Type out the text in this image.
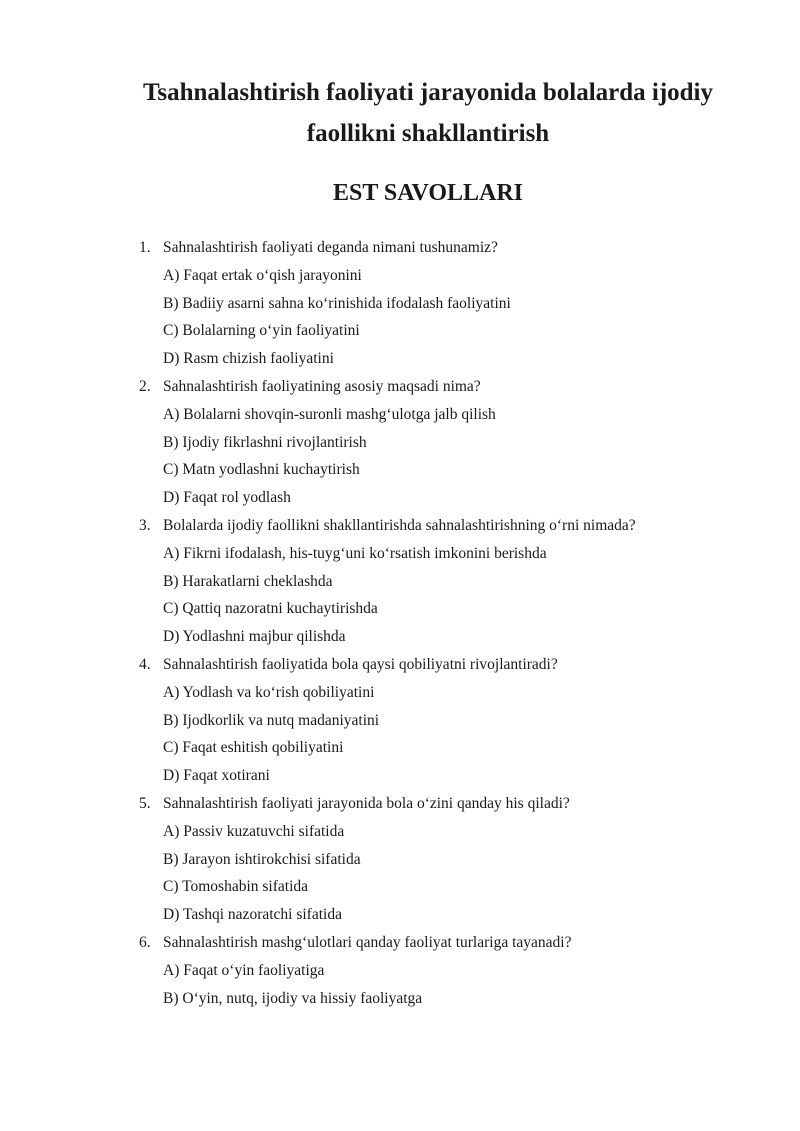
Tsahnalashtirish faoliyati jarayonida bolalarda ijodiy faollikni shakllantirish
EST SAVOLLARI
1. Sahnalashtirish faoliyati deganda nimani tushunamiz?
A) Faqat ertak o‘qish jarayonini
B) Badiiy asarni sahna ko‘rinishida ifodalash faoliyatini
C) Bolalarning o‘yin faoliyatini
D) Rasm chizish faoliyatini
2. Sahnalashtirish faoliyatining asosiy maqsadi nima?
A) Bolalarni shovqin-suronli mashg‘ulotga jalb qilish
B) Ijodiy fikrlashni rivojlantirish
C) Matn yodlashni kuchaytirish
D) Faqat rol yodlash
3. Bolalarda ijodiy faollikni shakllantirishda sahnalashtirishning o‘rni nimada?
A) Fikrni ifodalash, his-tuyg‘uni ko‘rsatish imkonini berishda
B) Harakatlarni cheklashda
C) Qattiq nazoratni kuchaytirishda
D) Yodlashni majbur qilishda
4. Sahnalashtirish faoliyatida bola qaysi qobiliyatni rivojlantiradi?
A) Yodlash va ko‘rish qobiliyatini
B) Ijodkorlik va nutq madaniyatini
C) Faqat eshitish qobiliyatini
D) Faqat xotirani
5. Sahnalashtirish faoliyati jarayonida bola o‘zini qanday his qiladi?
A) Passiv kuzatuvchi sifatida
B) Jarayon ishtirokchisi sifatida
C) Tomoshabin sifatida
D) Tashqi nazoratchi sifatida
6. Sahnalashtirish mashg‘ulotlari qanday faoliyat turlariga tayanadi?
A) Faqat o‘yin faoliyatiga
B) O‘yin, nutq, ijodiy va hissiy faoliyatga
